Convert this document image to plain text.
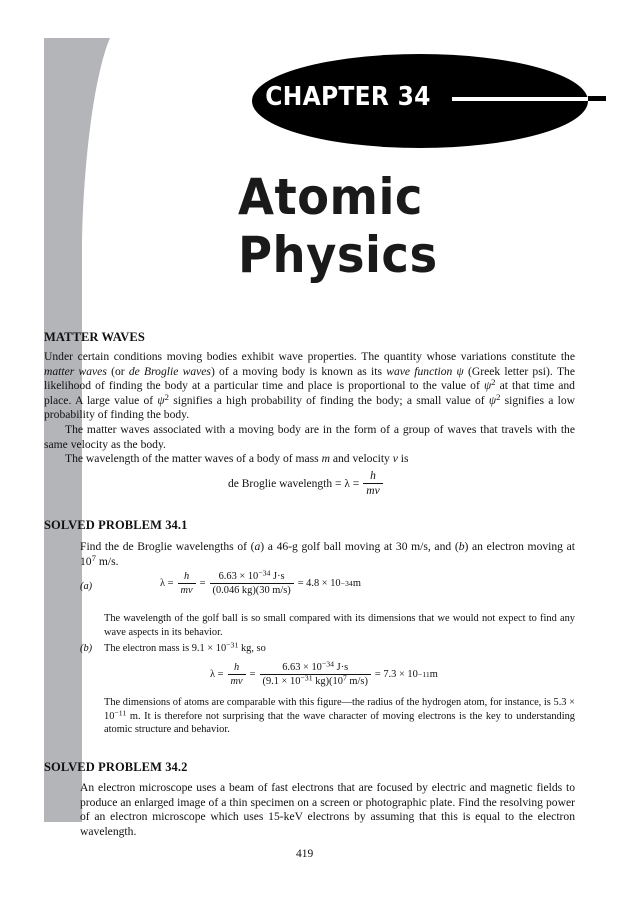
CHAPTER 34
Atomic Physics
MATTER WAVES
Under certain conditions moving bodies exhibit wave properties. The quantity whose variations constitute the matter waves (or de Broglie waves) of a moving body is known as its wave function ψ (Greek letter psi). The likelihood of finding the body at a particular time and place is proportional to the value of $\psi^2$ at that time and place. A large value of $\psi^2$ signifies a high probability of finding the body; a small value of $\psi^2$ signifies a low probability of finding the body.
The matter waves associated with a moving body are in the form of a group of waves that travels with the same velocity as the body.
The wavelength of the matter waves of a body of mass m and velocity v is
de Broglie wavelength = $\lambda = \frac{h}{mv}$
SOLVED PROBLEM 34.1
Find the de Broglie wavelengths of (a) a 46-g golf ball moving at 30 m/s, and (b) an electron moving at $10^7$ m/s.
(a)	$\lambda = \frac{h}{mv} = \frac{6.63 \times 10^{-34} J\cdot s}{(0.046 kg)(30 m/s)} = 4.8 \times 10 -34$ m
The wavelength of the golf ball is so small compared with its dimensions that we would not expect to find any wave aspects in its behavior.
(b) The electron mass is $9.1 \times 10^{-31}$ kg, so
$\lambda = \frac{h}{mv} = \frac{6.63 \times 10^{-34} J\cdot s}{(9.1 \times 10^{-31} kg)(10^7 m/s)} = 7.3 \times 10 -11$ m
The dimensions of atoms are comparable with this figure—the radius of the hydrogen atom, for instance, is $5.3 \times 10^{-11}$ m. It is therefore not surprising that the wave character of moving electrons is the key to understanding atomic structure and behavior.
SOLVED PROBLEM 34.2
An electron microscope uses a beam of fast electrons that are focused by electric and magnetic fields to produce an enlarged image of a thin specimen on a screen or photographic plate. Find the resolving power of an electron microscope which uses 15-keV electrons by assuming that this is equal to the electron wavelength.
419
